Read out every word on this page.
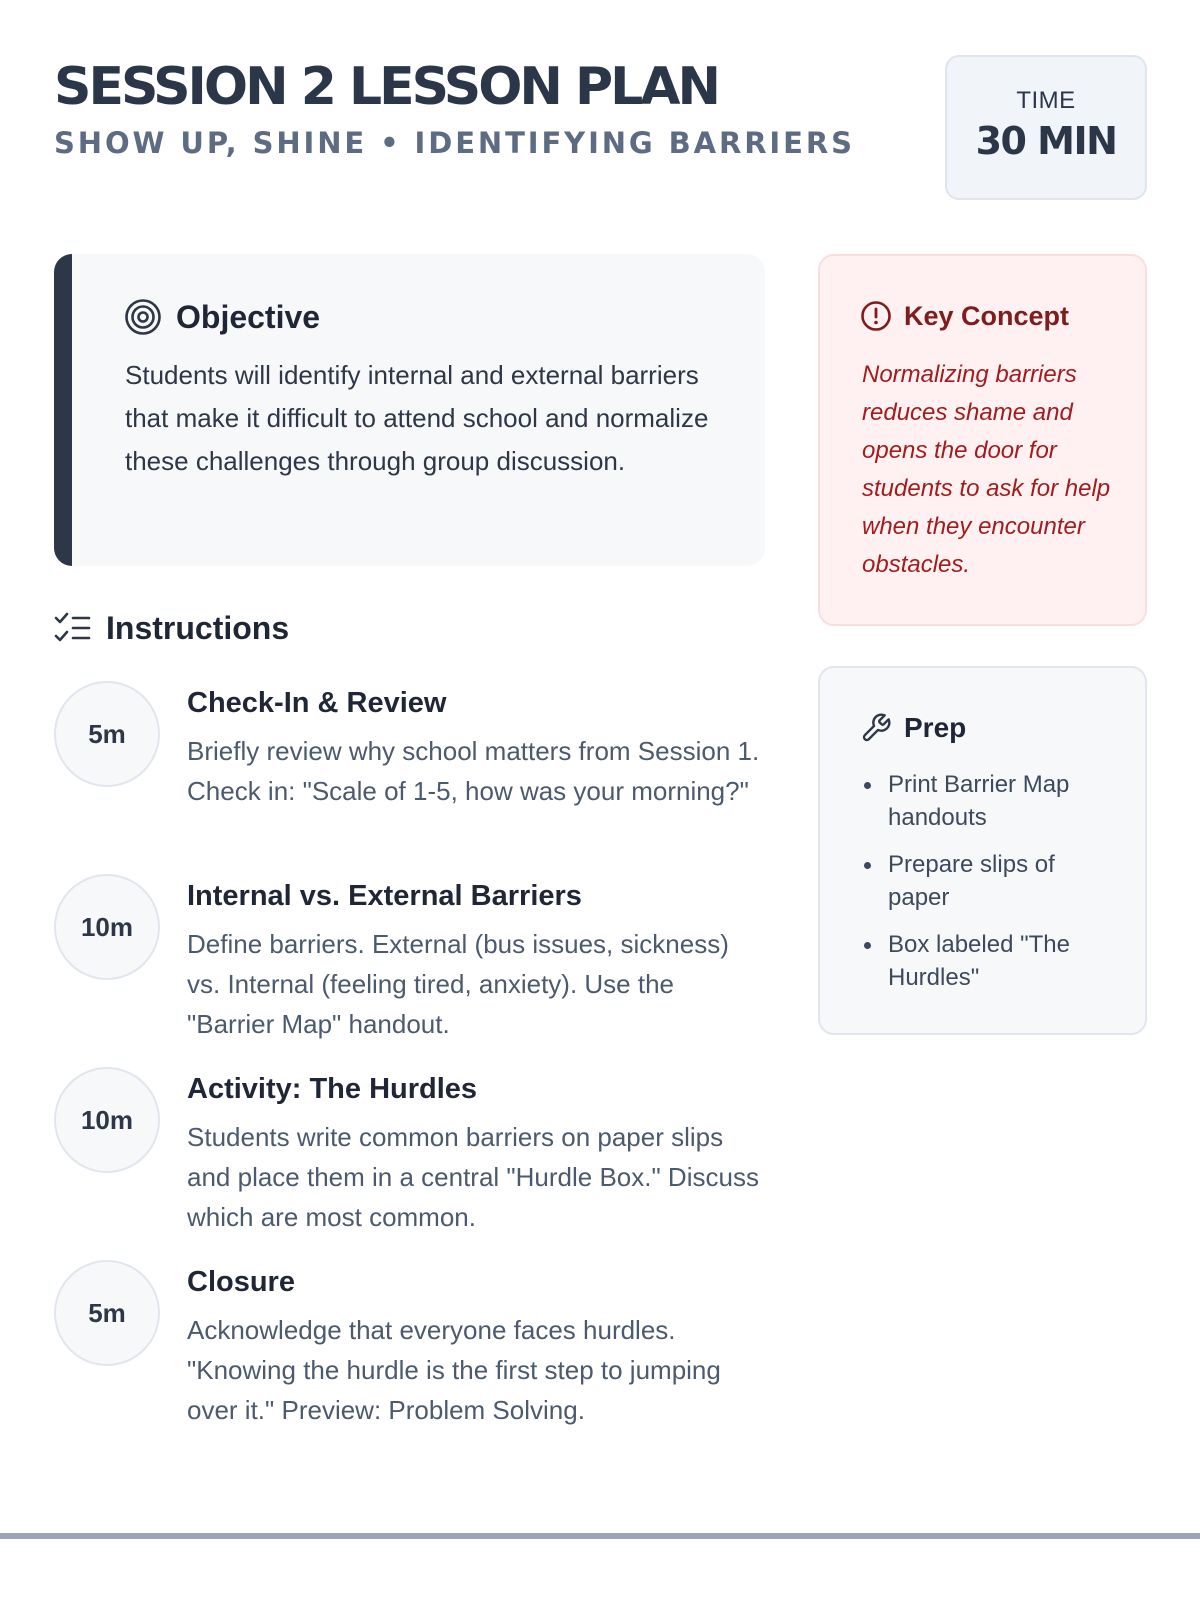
SESSION 2 LESSON PLAN
SHOW UP, SHINE • IDENTIFYING BARRIERS
TIME
30 MIN
Objective
Students will identify internal and external barriers that make it difficult to attend school and normalize these challenges through group discussion.
Instructions
5m
Check-In & Review
Briefly review why school matters from Session 1. Check in: "Scale of 1-5, how was your morning?"
10m
Internal vs. External Barriers
Define barriers. External (bus issues, sickness) vs. Internal (feeling tired, anxiety). Use the "Barrier Map" handout.
10m
Activity: The Hurdles
Students write common barriers on paper slips and place them in a central "Hurdle Box." Discuss which are most common.
5m
Closure
Acknowledge that everyone faces hurdles. "Knowing the hurdle is the first step to jumping over it." Preview: Problem Solving.
Key Concept
Normalizing barriers reduces shame and opens the door for students to ask for help when they encounter obstacles.
Prep
Print Barrier Map handouts
Prepare slips of paper
Box labeled "The Hurdles"
